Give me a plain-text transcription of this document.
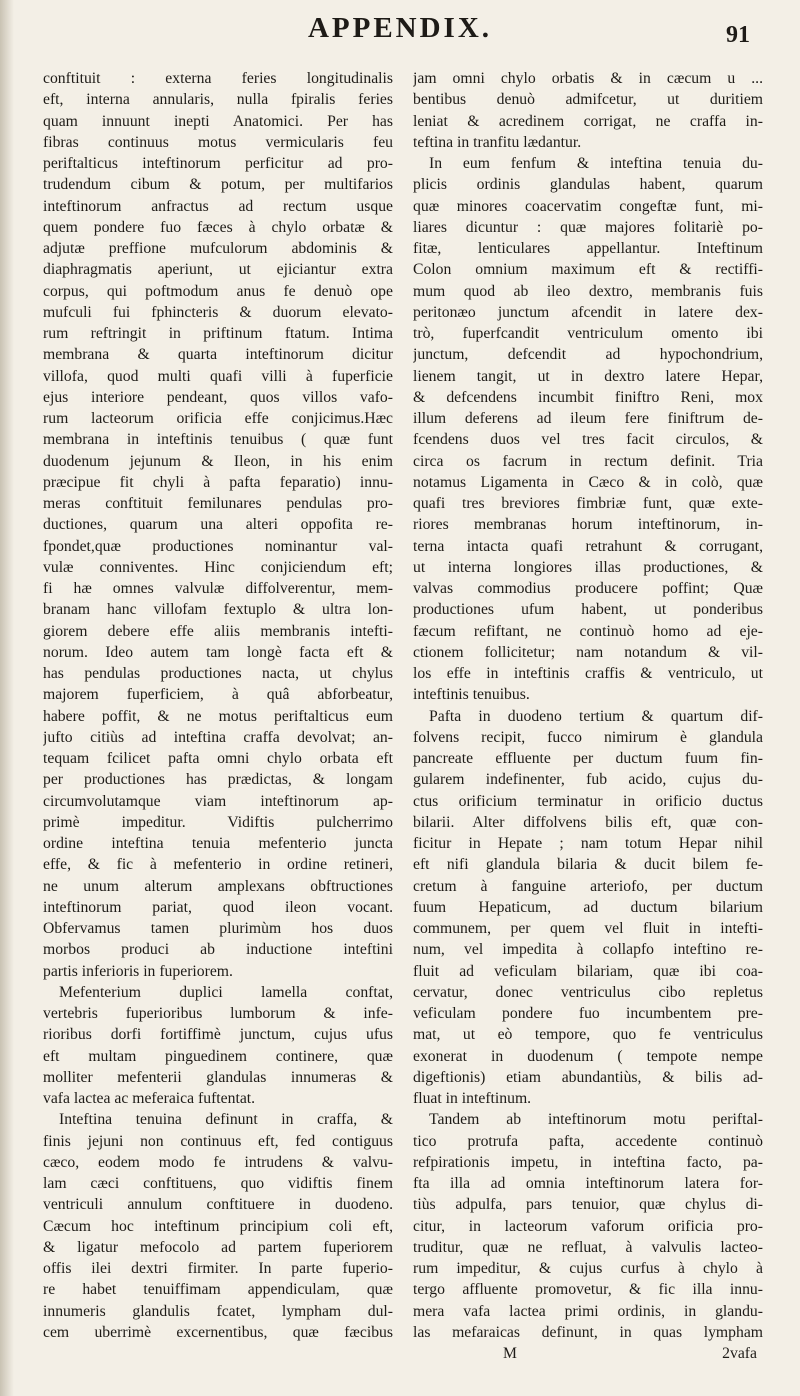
APPENDIX.	91
conftituit : externa feries longitudinalis
eft, interna annularis, nulla fpiralis feries
quam innuunt inepti Anatomici. Per has
fibras continuus motus vermicularis feu
periftalticus inteftinorum perficitur ad pro-
trudendum cibum & potum, per multifarios
inteftinorum anfractus ad rectum usque
quem pondere fuo fæces à chylo orbatæ &
adjutæ preffione mufculorum abdominis &
diaphragmatis aperiunt, ut ejiciantur extra
corpus, qui poftmodum anus fe denuò ope
mufculi fui fphincteris & duorum elevato-
rum reftringit in priftinum ftatum. Intima
membrana & quarta inteftinorum dicitur
villofa, quod multi quafi villi à fuperficie
ejus interiore pendeant, quos villos vafo-
rum lacteorum orificia effe conjicimus.Hæc
membrana in inteftinis tenuibus ( quæ funt
duodenum jejunum & Ileon, in his enim
præcipue fit chyli à pafta feparatio) innu-
meras conftituit femilunares pendulas pro-
ductiones, quarum una alteri oppofita re-
fpondet,quæ productiones nominantur val-
vulæ conniventes. Hinc conjiciendum eft;
fi hæ omnes valvulæ diffolverentur, mem-
branam hanc villofam fextuplo & ultra lon-
giorem debere effe aliis membranis intefti-
norum. Ideo autem tam longè facta eft &
has pendulas productiones nacta, ut chylus
majorem fuperficiem, à quâ abforbeatur,
habere poffit, & ne motus periftalticus eum
jufto citiùs ad inteftina craffa devolvat; an-
tequam fcilicet pafta omni chylo orbata eft
per productiones has prædictas, & longam
circumvolutamque viam inteftinorum ap-
primè impeditur. Vidiftis pulcherrimo
ordine inteftina tenuia mefenterio juncta
effe, & fic à mefenterio in ordine retineri,
ne unum alterum amplexans obftructiones
inteftinorum pariat, quod ileon vocant.
Obfervamus tamen plurimùm hos duos
morbos produci ab inductione inteftini
partis inferioris in fuperiorem.
Mefenterium duplici lamella conftat,
vertebris fuperioribus lumborum & infe-
rioribus dorfi fortiffimè junctum, cujus ufus
eft multam pinguedinem continere, quæ
molliter mefenterii glandulas innumeras &
vafa lactea ac meferaica fuftentat.
Inteftina tenuina definunt in craffa, &
finis jejuni non continuus eft, fed contiguus
cæco, eodem modo fe intrudens & valvu-
lam cæci conftituens, quo vidiftis finem
ventriculi annulum conftituere in duodeno.
Cæcum hoc inteftinum principium coli eft,
& ligatur mefocolo ad partem fuperiorem
offis ilei dextri firmiter. In parte fuperio-
re habet tenuiffimam appendiculam, quæ
innumeris glandulis fcatet, lympham dul-
cem uberrimè excernentibus, quæ fæcibus
jam omni chylo orbatis & in cæcum u ...
bentibus denuò admifcetur, ut duritiem
leniat & acredinem corrigat, ne craffa in-
teftina in tranfitu lædantur.
In eum fenfum & inteftina tenuia du-
plicis ordinis glandulas habent, quarum
quæ minores coacervatim congeftæ funt, mi-
liares dicuntur : quæ majores folitariè po-
fitæ, lenticulares appellantur. Inteftinum
Colon omnium maximum eft & rectiffi-
mum quod ab ileo dextro, membranis fuis
peritonæo junctum afcendit in latere dex-
trò, fuperfcandit ventriculum omento ibi
junctum, defcendit ad hypochondrium,
lienem tangit, ut in dextro latere Hepar,
& defcendens incumbit finiftro Reni, mox
illum deferens ad ileum fere finiftrum de-
fcendens duos vel tres facit circulos, &
circa os facrum in rectum definit. Tria
notamus Ligamenta in Cæco & in colò, quæ
quafi tres breviores fimbriæ funt, quæ exte-
riores membranas horum inteftinorum, in-
terna intacta quafi retrahunt & corrugant,
ut interna longiores illas productiones, &
valvas commodius producere poffint; Quæ
productiones ufum habent, ut ponderibus
fæcum refiftant, ne continuò homo ad eje-
ctionem follicitetur; nam notandum & vil-
los effe in inteftinis craffis & ventriculo, ut
inteftinis tenuibus.
Pafta in duodeno tertium & quartum dif-
folvens recipit, fucco nimirum è glandula
pancreate effluente per ductum fuum fin-
gularem indefinenter, fub acido, cujus du-
ctus orificium terminatur in orificio ductus
bilarii. Alter diffolvens bilis eft, quæ con-
ficitur in Hepate ; nam totum Hepar nihil
eft nifi glandula bilaria & ducit bilem fe-
cretum à fanguine arteriofo, per ductum
fuum Hepaticum, ad ductum bilarium
communem, per quem vel fluit in intefti-
num, vel impedita à collapfo inteftino re-
fluit ad veficulam bilariam, quæ ibi coa-
cervatur, donec ventriculus cibo repletus
veficulam pondere fuo incumbentem pre-
mat, ut eò tempore, quo fe ventriculus
exonerat in duodenum ( tempote nempe
digeftionis) etiam abundantiùs, & bilis ad-
fluat in inteftinum.
Tandem ab inteftinorum motu periftal-
tico protrufa pafta, accedente continuò
refpirationis impetu, in inteftina facto, pa-
fta illa ad omnia inteftinorum latera for-
tiùs adpulfa, pars tenuior, quæ chylus di-
citur, in lacteorum vaforum orificia pro-
truditur, quæ ne refluat, à valvulis lacteo-
rum impeditur, & cujus curfus à chylo à
tergo affluente promovetur, & fic illa innu-
mera vafa lactea primi ordinis, in glandu-
las mefaraicas definunt, in quas lympham
M 2 vafa
